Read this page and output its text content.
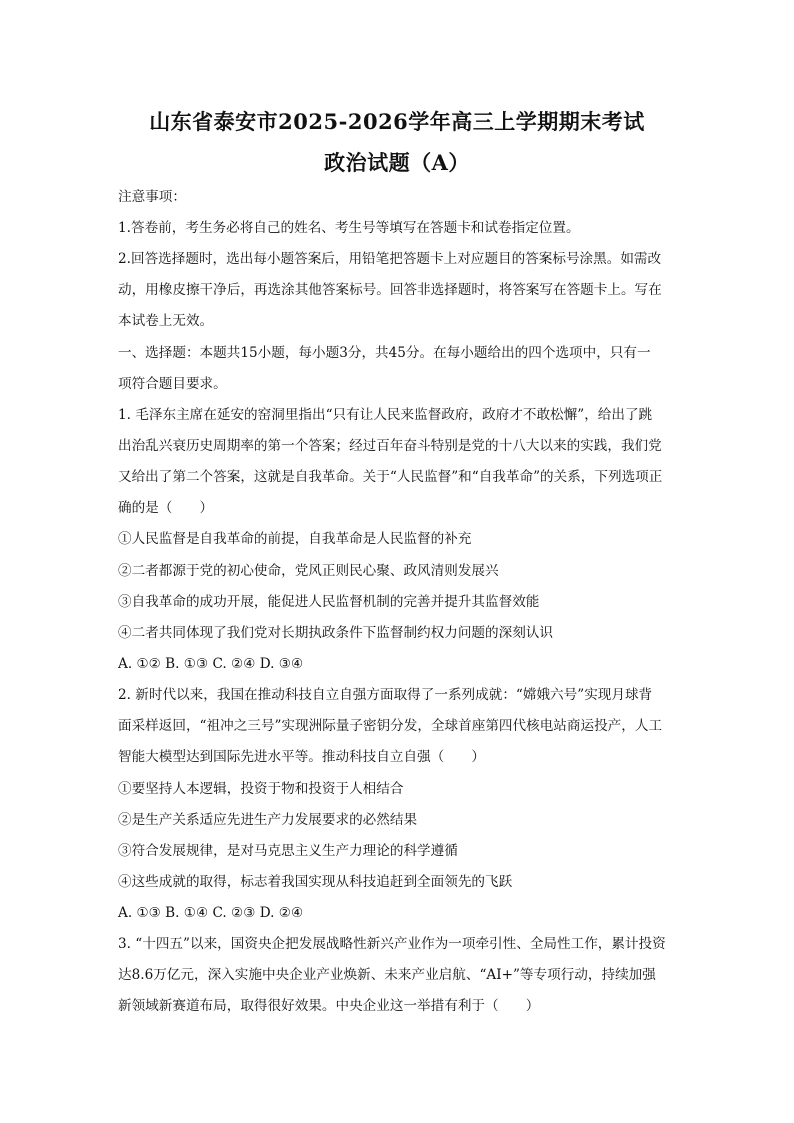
山东省泰安市2025-2026学年高三上学期期末考试
政治试题（A）
注意事项：
1.答卷前，考生务必将自己的姓名、考生号等填写在答题卡和试卷指定位置。
2.回答选择题时，选出每小题答案后，用铅笔把答题卡上对应题目的答案标号涂黑。如需改
动，用橡皮擦干净后，再选涂其他答案标号。回答非选择题时，将答案写在答题卡上。写在
本试卷上无效。
一、选择题：本题共15小题，每小题3分，共45分。在每小题给出的四个选项中，只有一
项符合题目要求。
1. 毛泽东主席在延安的窑洞里指出“只有让人民来监督政府，政府才不敢松懈”，给出了跳
出治乱兴衰历史周期率的第一个答案；经过百年奋斗特别是党的十八大以来的实践，我们党
又给出了第二个答案，这就是自我革命。关于“人民监督”和“自我革命”的关系，下列选项正
确的是（　　）
①人民监督是自我革命的前提，自我革命是人民监督的补充
②二者都源于党的初心使命，党风正则民心聚、政风清则发展兴
③自我革命的成功开展，能促进人民监督机制的完善并提升其监督效能
④二者共同体现了我们党对长期执政条件下监督制约权力问题的深刻认识
A. ①② B. ①③ C. ②④ D. ③④
2. 新时代以来，我国在推动科技自立自强方面取得了一系列成就：“嫦娥六号”实现月球背
面采样返回，“祖冲之三号”实现洲际量子密钥分发，全球首座第四代核电站商运投产，人工
智能大模型达到国际先进水平等。推动科技自立自强（　　）
①要坚持人本逻辑，投资于物和投资于人相结合
②是生产关系适应先进生产力发展要求的必然结果
③符合发展规律，是对马克思主义生产力理论的科学遵循
④这些成就的取得，标志着我国实现从科技追赶到全面领先的飞跃
A. ①③ B. ①④ C. ②③ D. ②④
3. “十四五”以来，国资央企把发展战略性新兴产业作为一项牵引性、全局性工作，累计投资
达8.6万亿元，深入实施中央企业产业焕新、未来产业启航、“AI+”等专项行动，持续加强
新领域新赛道布局，取得很好效果。中央企业这一举措有利于（　　）
